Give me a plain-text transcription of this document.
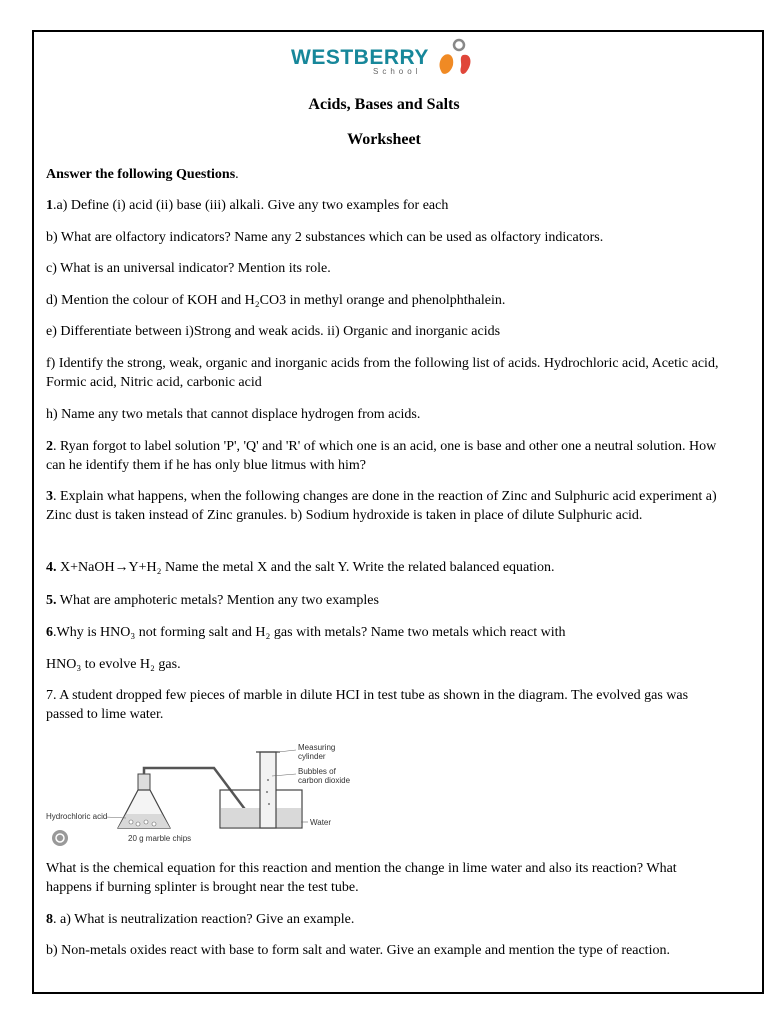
WESTBERRY
School
Acids, Bases and Salts
Worksheet

Answer the following Questions.

1.a) Define (i) acid (ii) base (iii) alkali. Give any two examples for each

b) What are olfactory indicators? Name any 2 substances which can be used as olfactory indicators.

c) What is an universal indicator? Mention its role.

d) Mention the colour of KOH and H₂CO3 in methyl orange and phenolphthalein.

e) Differentiate between i)Strong and weak acids. ii) Organic and inorganic acids

f) Identify the strong, weak, organic and inorganic acids from the following list of acids. Hydrochloric acid, Acetic acid, Formic acid, Nitric acid, carbonic acid

h) Name any two metals that cannot displace hydrogen from acids.

2. Ryan forgot to label solution 'P', 'Q' and 'R' of which one is an acid, one is base and other one a neutral solution. How can he identify them if he has only blue litmus with him?

3. Explain what happens, when the following changes are done in the reaction of Zinc and Sulphuric acid experiment a) Zinc dust is taken instead of Zinc granules. b) Sodium hydroxide is taken in place of dilute Sulphuric acid.

4. X+NaOH→Y+H₂ Name the metal X and the salt Y. Write the related balanced equation.

5. What are amphoteric metals? Mention any two examples

6.Why is HNO₃ not forming salt and H₂ gas with metals? Name two metals which react with

HNO₃ to evolve H₂ gas.

7. A student dropped few pieces of marble in dilute HCI in test tube as shown in the diagram. The evolved gas was passed to lime water.

Hydrochloric acid
20 g marble chips
Measuring
cylinder
Bubbles of
carbon dioxide
Water

What is the chemical equation for this reaction and mention the change in lime water and also its reaction? What happens if burning splinter is brought near the test tube.

8. a) What is neutralization reaction? Give an example.

b) Non-metals oxides react with base to form salt and water. Give an example and mention the type of reaction.
